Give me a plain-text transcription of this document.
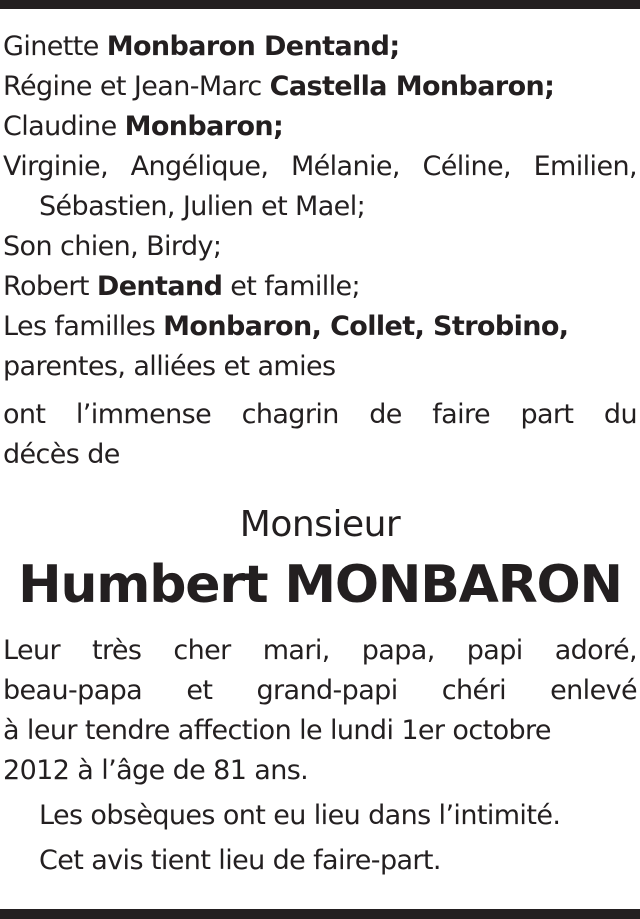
Ginette Monbaron Dentand;
Régine et Jean-Marc Castella Monbaron;
Claudine Monbaron;
Virginie, Angélique, Mélanie, Céline, Emilien,
Sébastien, Julien et Mael;
Son chien, Birdy;
Robert Dentand et famille;
Les familles Monbaron, Collet, Strobino,
parentes, alliées et amies
ont l’immense chagrin de faire part du
décès de
Monsieur
Humbert MONBARON
Leur très cher mari, papa, papi adoré,
beau-papa et grand-papi chéri enlevé
à leur tendre affection le lundi 1er octobre
2012 à l’âge de 81 ans.
Les obsèques ont eu lieu dans l’intimité.
Cet avis tient lieu de faire-part.
